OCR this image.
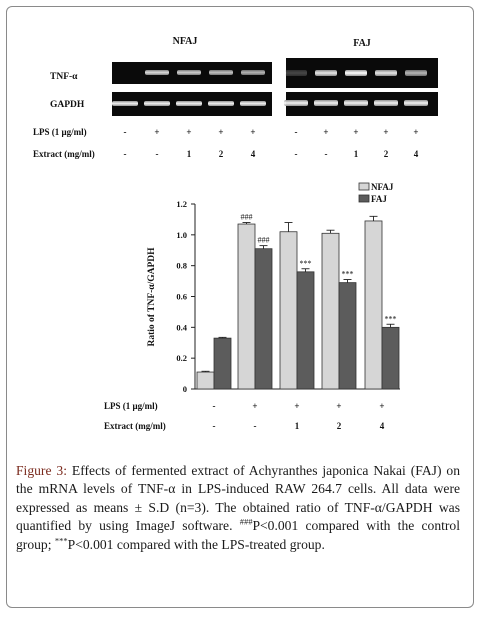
NFAJ	FAJ
TNF-α
GAPDH
LPS (1 μg/ml)
Extract (mg/ml)
-	+	+	+	+	-	+	+	+	+
-	-	1	2	4	-	-	1	2	4
0
0.2
0.4
0.6
0.8
1.0
1.2
###
###
***
***
***
Ratio of TNF-α/GAPDH
NFAJ
FAJ
LPS (1 μg/ml)	-	+	+	+	+
Extract (mg/ml)	-	-	1	2	4
Figure 3: Effects of fermented extract of Achyranthes japonica Nakai (FAJ) on the mRNA levels of TNF-α in LPS-induced RAW 264.7 cells. All data were expressed as means ± S.D (n=3). The obtained ratio of TNF-α/GAPDH was quantified by using ImageJ software. ###P<0.001 compared with the control group; ***P<0.001 compared with the LPS-treated group.
